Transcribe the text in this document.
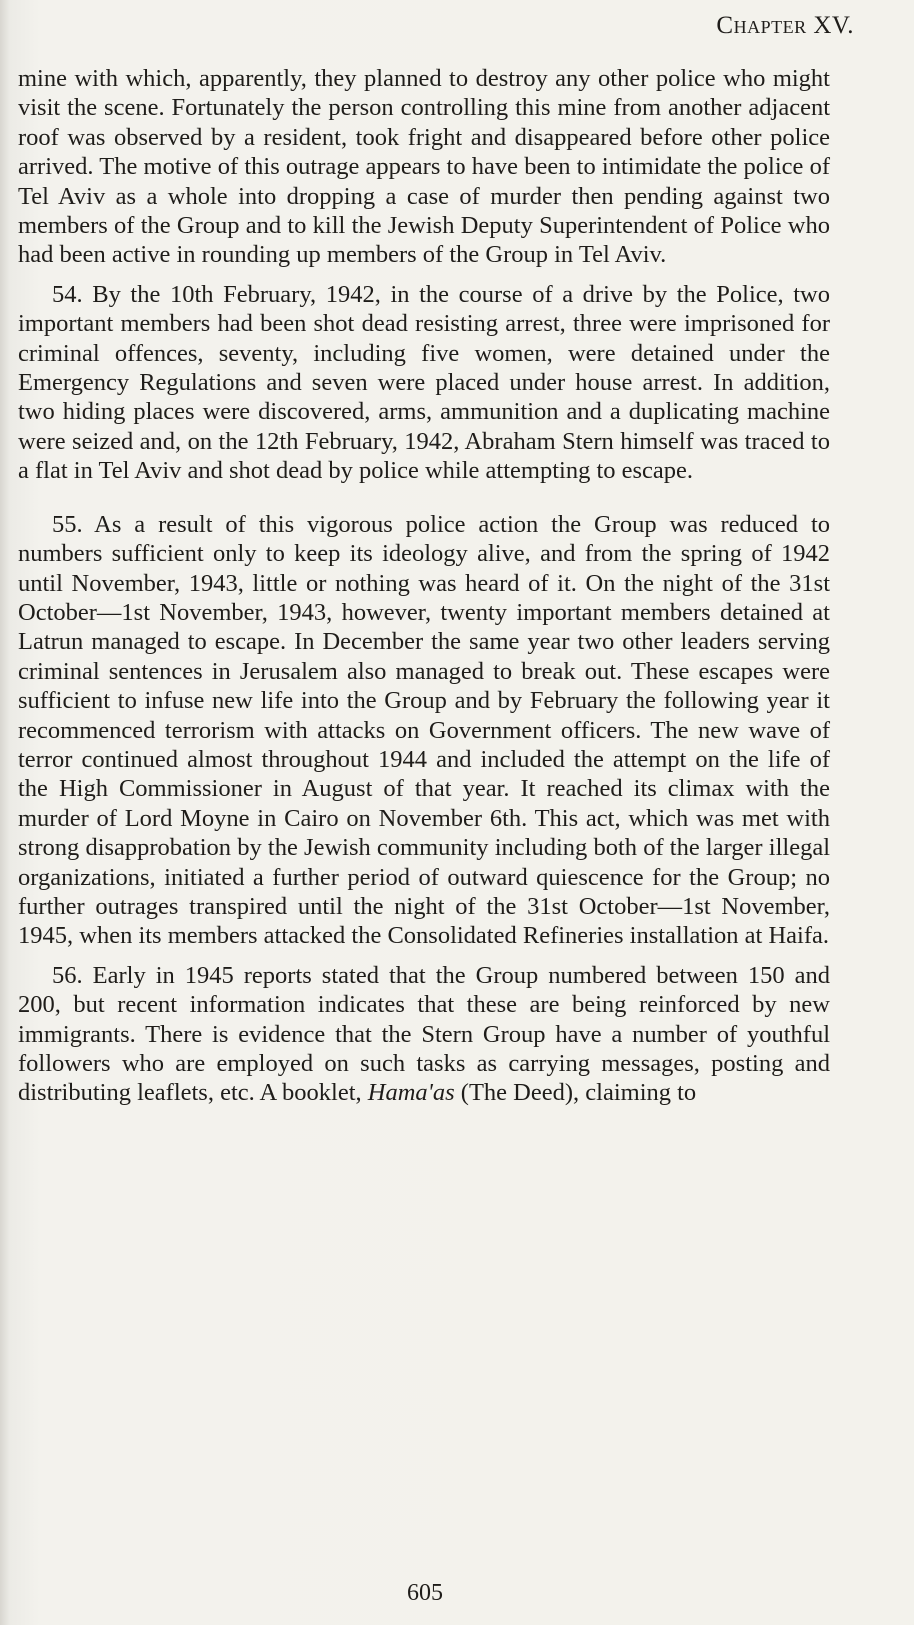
Chapter XV.

mine with which, apparently, they planned to destroy any other police who might visit the scene. Fortunately the person controlling this mine from another adjacent roof was observed by a resident, took fright and disappeared before other police arrived. The motive of this outrage appears to have been to intimidate the police of Tel Aviv as a whole into dropping a case of murder then pending against two members of the Group and to kill the Jewish Deputy Superintendent of Police who had been active in rounding up members of the Group in Tel Aviv.

54. By the 10th February, 1942, in the course of a drive by the Police, two important members had been shot dead resisting arrest, three were imprisoned for criminal offences, seventy, including five women, were detained under the Emergency Regulations and seven were placed under house arrest. In addition, two hiding places were discovered, arms, ammunition and a duplicating machine were seized and, on the 12th February, 1942, Abraham Stern himself was traced to a flat in Tel Aviv and shot dead by police while attempting to escape.

55. As a result of this vigorous police action the Group was reduced to numbers sufficient only to keep its ideology alive, and from the spring of 1942 until November, 1943, little or nothing was heard of it. On the night of the 31st October—1st November, 1943, however, twenty important members detained at Latrun managed to escape. In December the same year two other leaders serving criminal sentences in Jerusalem also managed to break out. These escapes were sufficient to infuse new life into the Group and by February the following year it recommenced terrorism with attacks on Government officers. The new wave of terror continued almost throughout 1944 and included the attempt on the life of the High Commissioner in August of that year. It reached its climax with the murder of Lord Moyne in Cairo on November 6th. This act, which was met with strong disapprobation by the Jewish community including both of the larger illegal organizations, initiated a further period of outward quiescence for the Group; no further outrages transpired until the night of the 31st October—1st November, 1945, when its members attacked the Consolidated Refineries installation at Haifa.

56. Early in 1945 reports stated that the Group numbered between 150 and 200, but recent information indicates that these are being reinforced by new immigrants. There is evidence that the Stern Group have a number of youthful followers who are employed on such tasks as carrying messages, posting and distributing leaflets, etc. A booklet, Hama'as (The Deed), claiming to

605
